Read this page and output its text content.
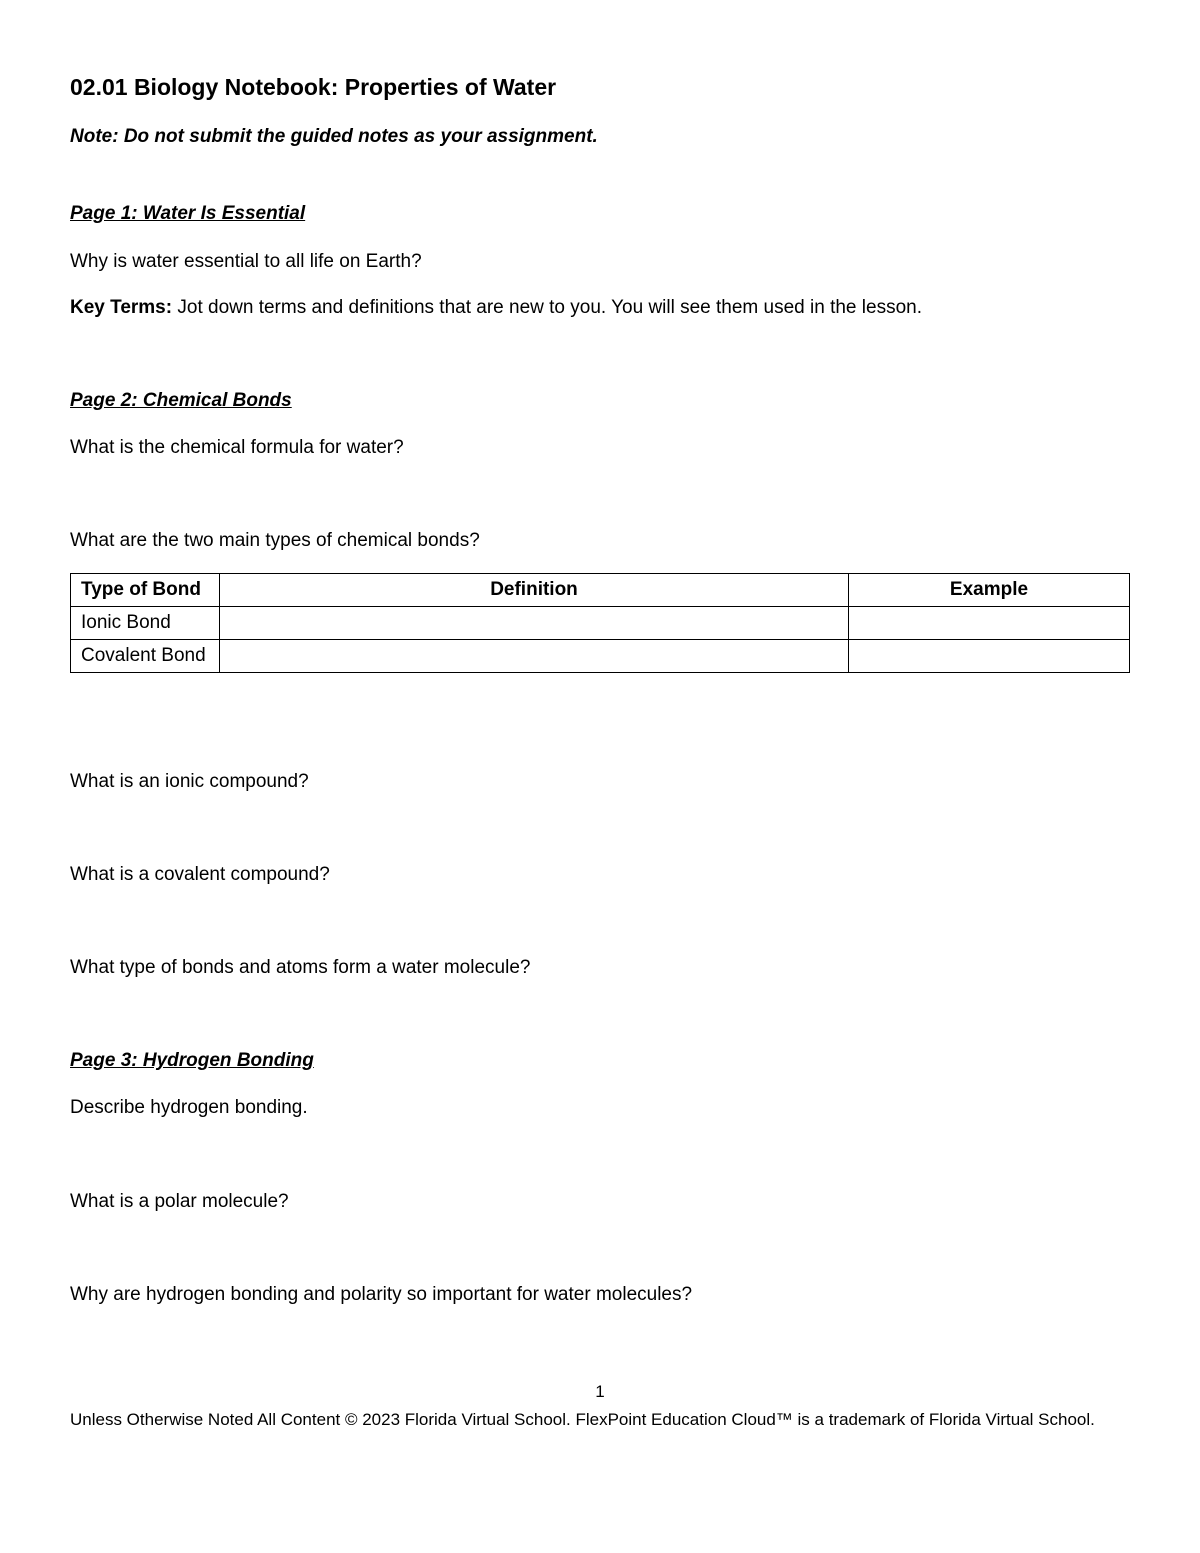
02.01 Biology Notebook: Properties of Water
Note: Do not submit the guided notes as your assignment.
Page 1: Water Is Essential
Why is water essential to all life on Earth?
Key Terms: Jot down terms and definitions that are new to you. You will see them used in the lesson.
Page 2: Chemical Bonds
What is the chemical formula for water?
What are the two main types of chemical bonds?
Type of Bond	Definition	Example
Ionic Bond		
Covalent Bond		
What is an ionic compound?
What is a covalent compound?
What type of bonds and atoms form a water molecule?
Page 3: Hydrogen Bonding
Describe hydrogen bonding.
What is a polar molecule?
Why are hydrogen bonding and polarity so important for water molecules?
1
Unless Otherwise Noted All Content © 2023 Florida Virtual School. FlexPoint Education Cloud™ is a trademark of Florida Virtual School.
